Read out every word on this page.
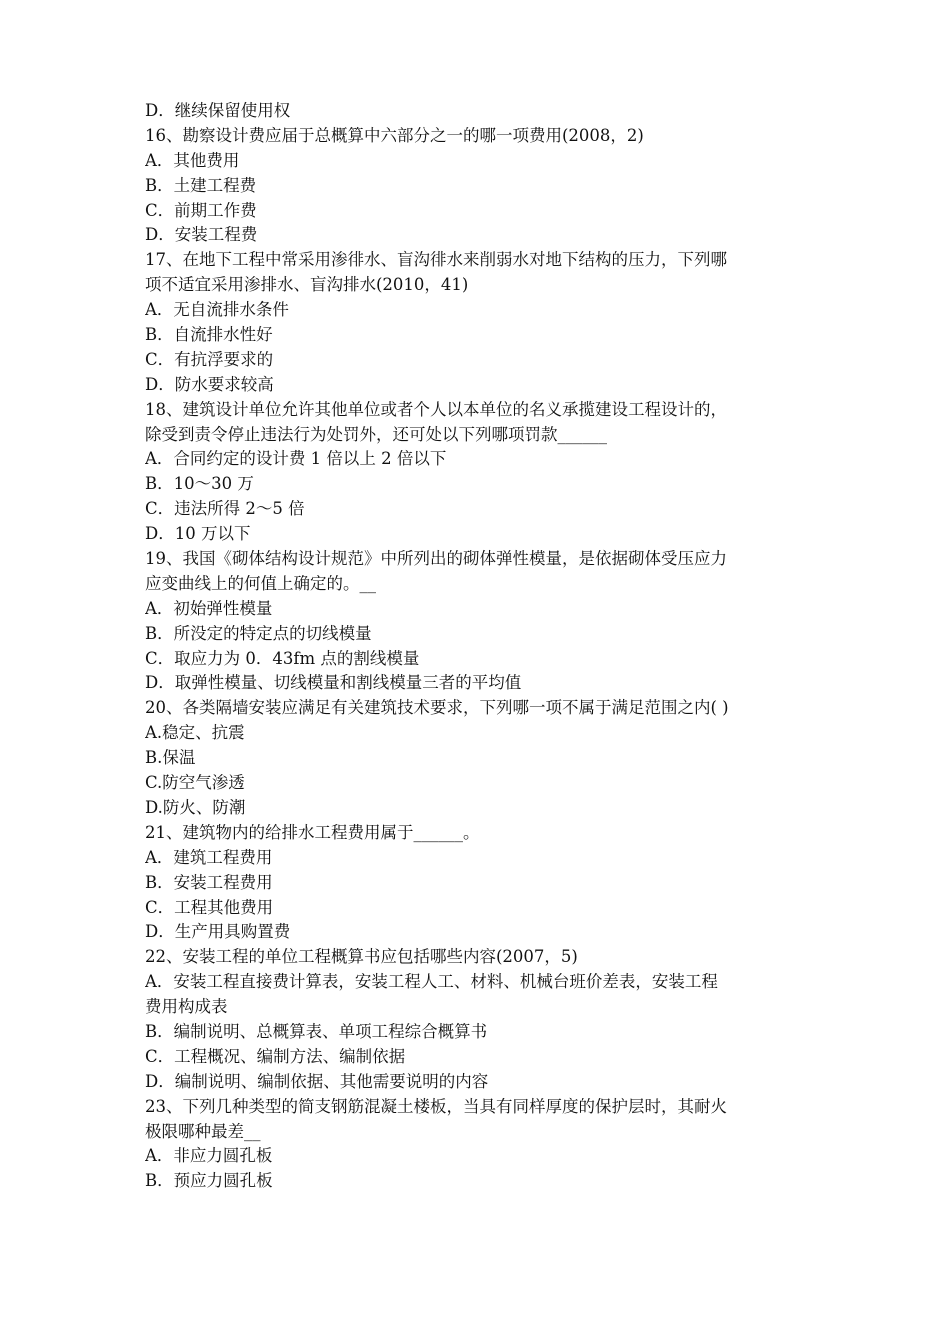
D．继续保留使用权
16、勘察设计费应届于总概算中六部分之一的哪一项费用(2008，2)
A．其他费用
B．土建工程费
C．前期工作费
D．安装工程费
17、在地下工程中常采用渗徘水、盲沟徘水来削弱水对地下结构的压力，下列哪
项不适宜采用渗排水、盲沟排水(2010，41)
A．无自流排水条件
B．自流排水性好
C．有抗浮要求的
D．防水要求较高
18、建筑设计单位允许其他单位或者个人以本单位的名义承揽建设工程设计的，
除受到责令停止违法行为处罚外，还可处以下列哪项罚款______
A．合同约定的设计费 1 倍以上 2 倍以下
B．10～30 万
C．违法所得 2～5 倍
D．10 万以下
19、我国《砌体结构设计规范》中所列出的砌体弹性模量，是依据砌体受压应力
应变曲线上的何值上确定的。__
A．初始弹性模量
B．所没定的特定点的切线模量
C．取应力为 0．43fm 点的割线模量
D．取弹性模量、切线模量和割线模量三者的平均值
20、各类隔墙安装应满足有关建筑技术要求，下列哪一项不属于满足范围之内( )
A.稳定、抗震
B.保温
C.防空气渗透
D.防火、防潮
21、建筑物内的给排水工程费用属于______。
A．建筑工程费用
B．安装工程费用
C．工程其他费用
D．生产用具购置费
22、安装工程的单位工程概算书应包括哪些内容(2007，5)
A．安装工程直接费计算表，安装工程人工、材料、机械台班价差表，安装工程
费用构成表
B．编制说明、总概算表、单项工程综合概算书
C．工程概况、编制方法、编制依据
D．编制说明、编制依据、其他需要说明的内容
23、下列几种类型的简支钢筋混凝土楼板，当具有同样厚度的保护层时，其耐火
极限哪种最差__
A．非应力圆孔板
B．预应力圆孔板
